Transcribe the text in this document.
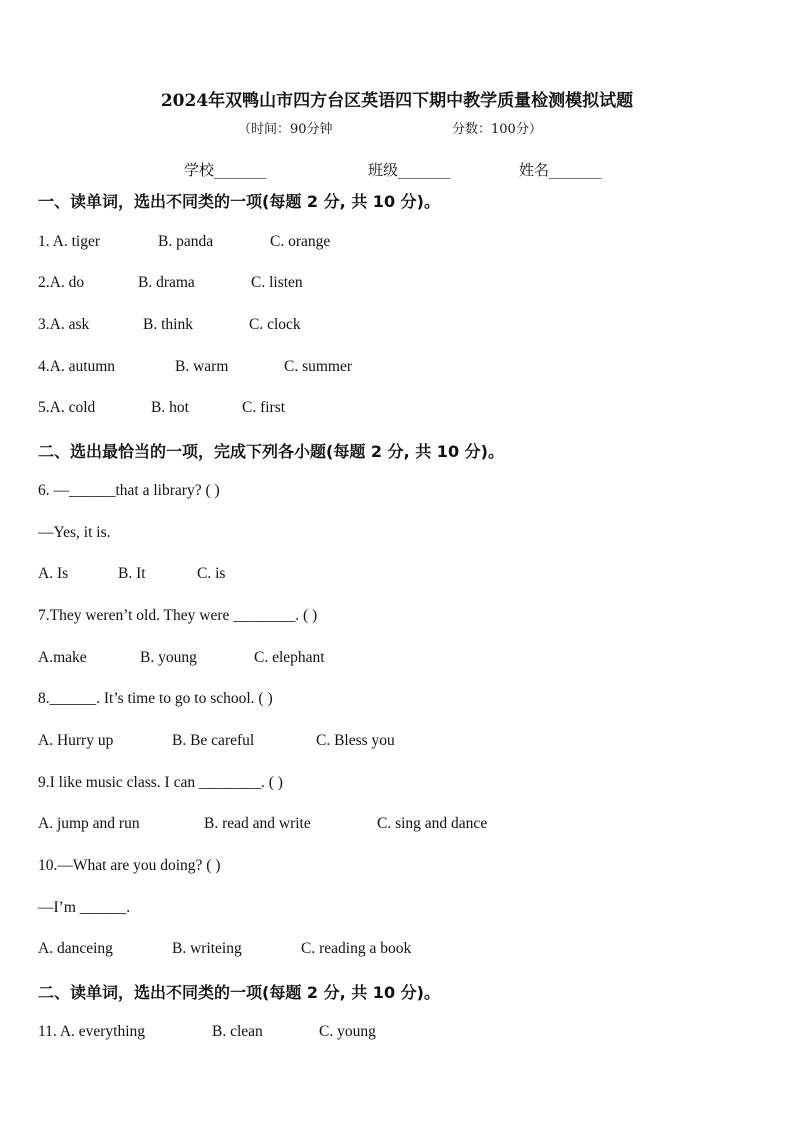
2024年双鸭山市四方台区英语四下期中教学质量检测模拟试题
（时间：90分钟	分数：100分）
学校_______	班级_______	姓名_______
一、读单词，选出不同类的一项(每题 2 分, 共 10 分)。
1. A. tiger	B. panda	C. orange
2.A. do	B. drama	C. listen
3.A. ask	B. think	C. clock
4.A. autumn	B. warm	C. summer
5.A. cold	B. hot	C. first
二、选出最恰当的一项，完成下列各小题(每题 2 分, 共 10 分)。
6. —______that a library? ( )
—Yes, it is.
A. Is	B. It	C. is
7.They weren’t old. They were ________. ( )
A.make	B. young	C. elephant
8.______. It’s time to go to school. ( )
A. Hurry up	B. Be careful	C. Bless you
9.I like music class. I can ________. ( )
A. jump and run	B. read and write	C. sing and dance
10.—What are you doing? ( )
—I’m ______.
A. danceing	B. writeing	C. reading a book
二、读单词，选出不同类的一项(每题 2 分, 共 10 分)。
11. A. everything	B. clean	C. young
